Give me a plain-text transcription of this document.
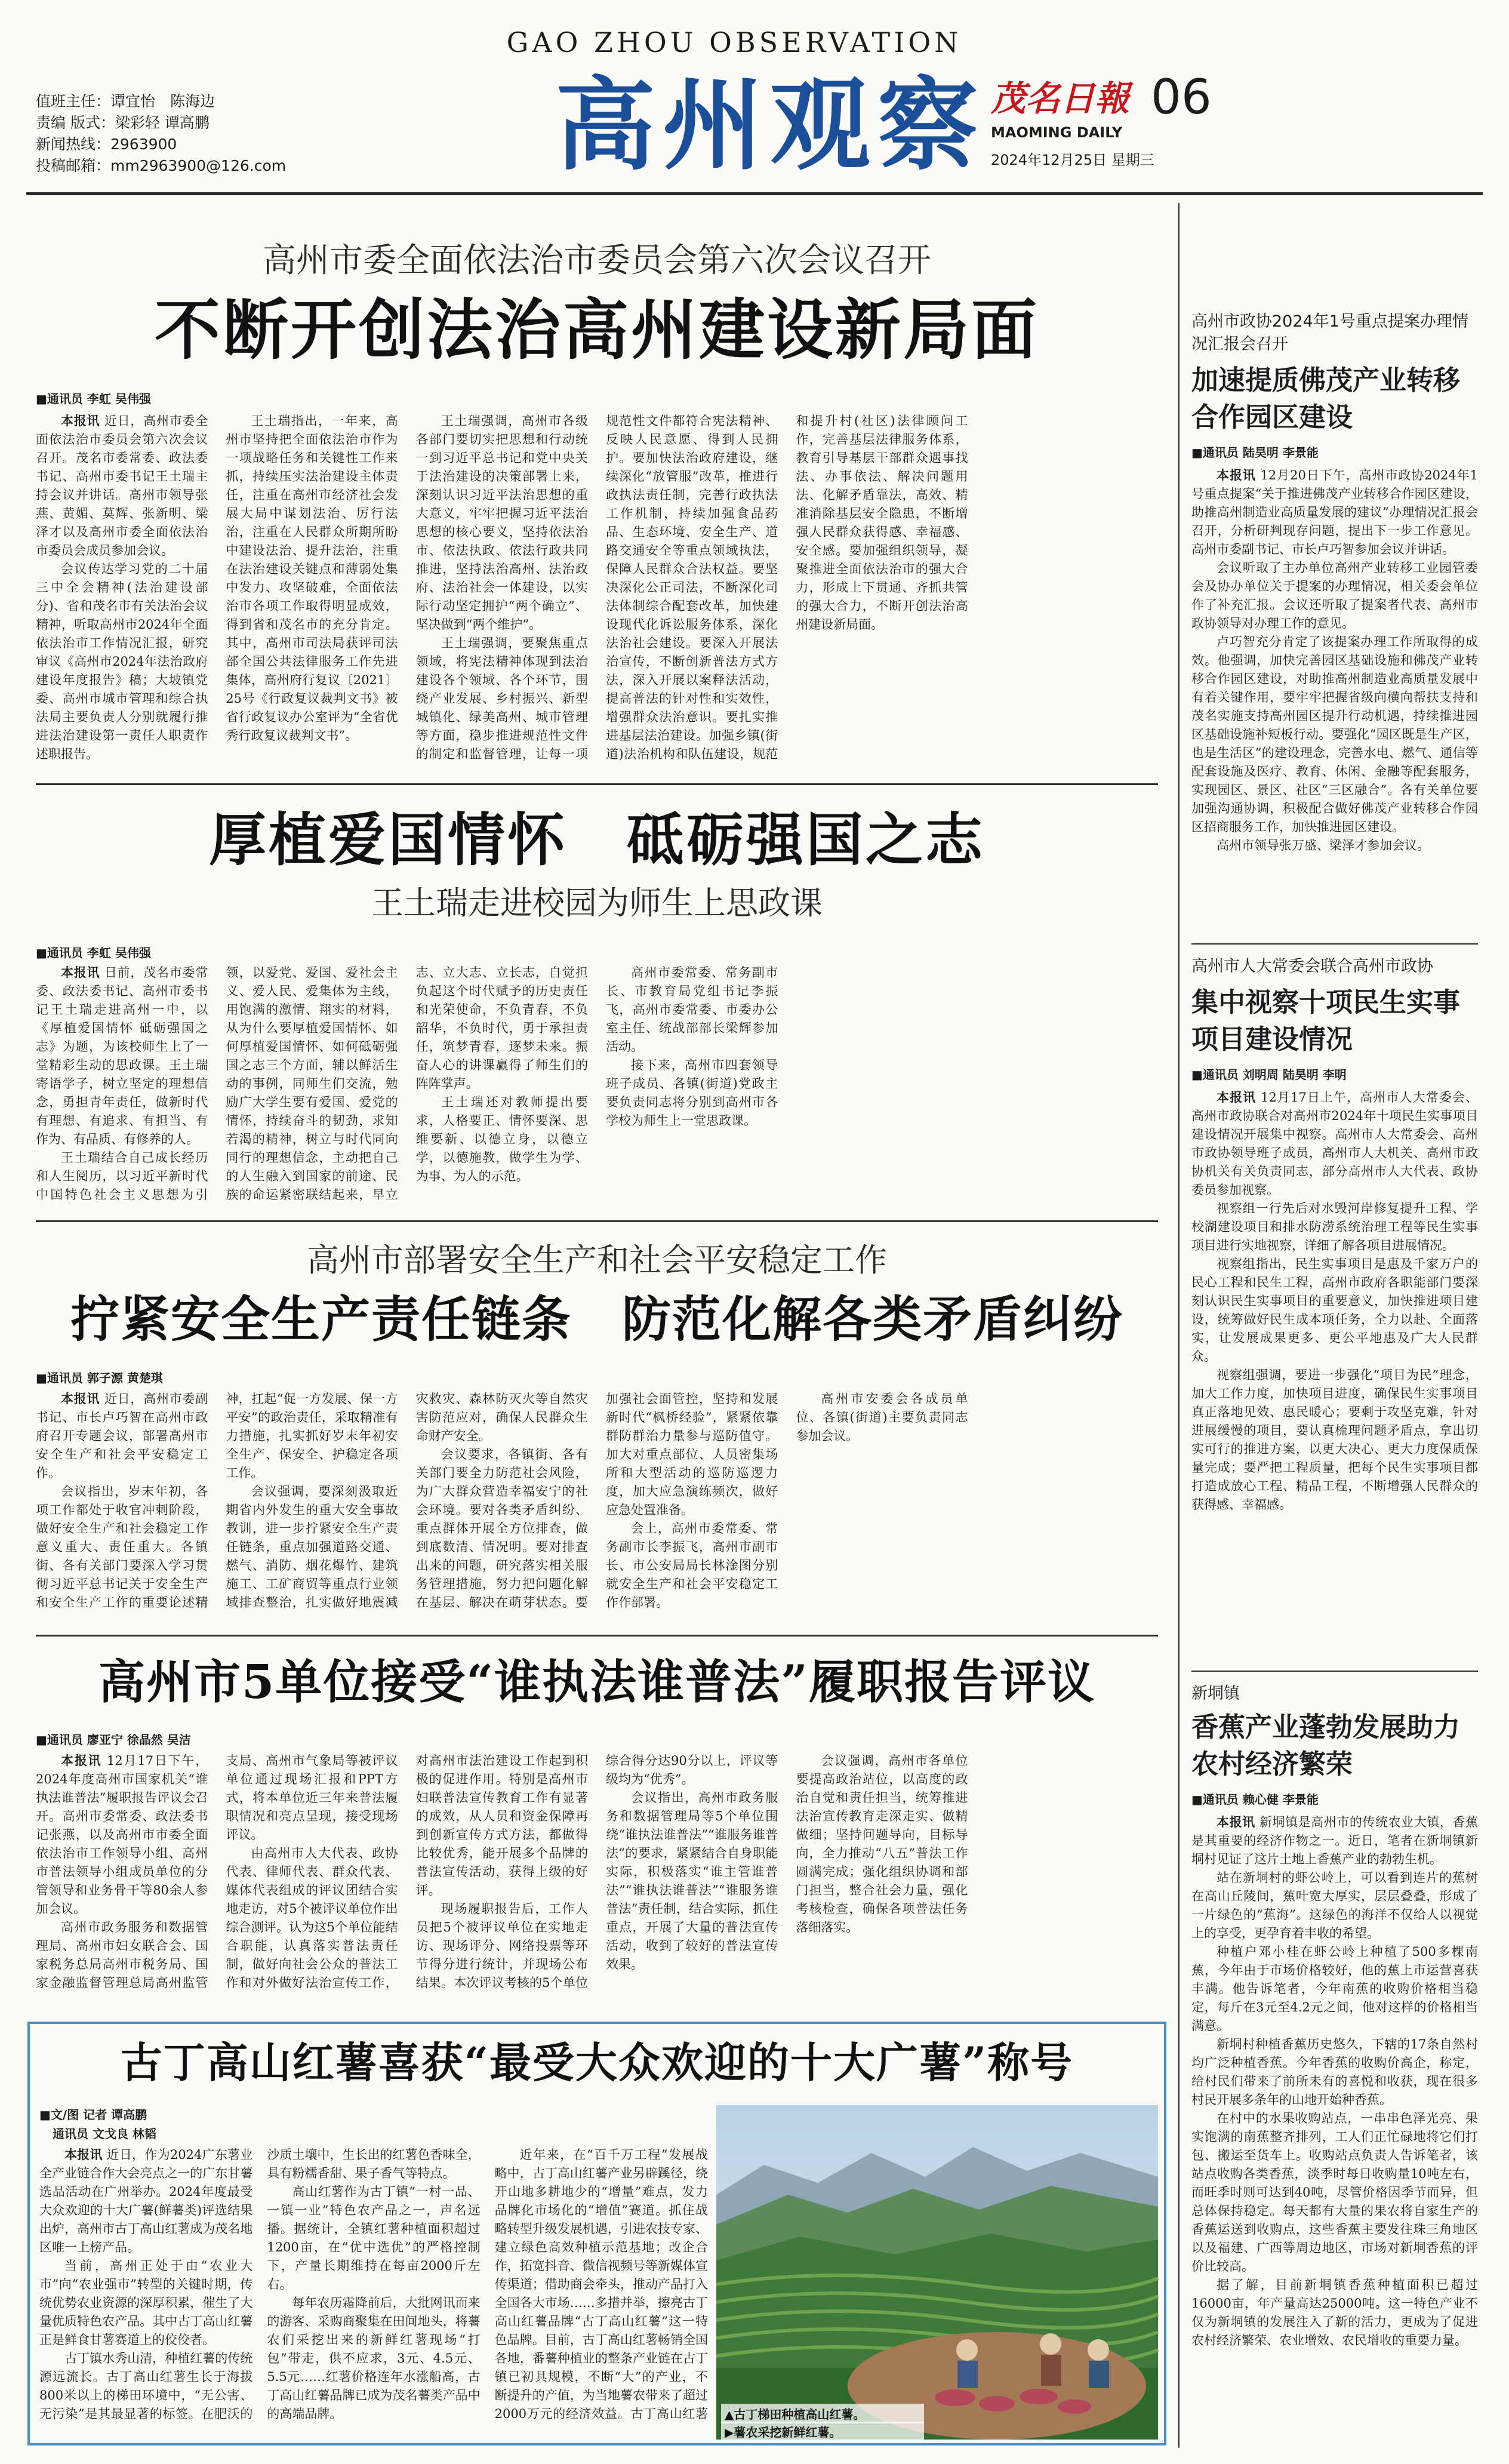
值班主任：谭宜怡　陈海边
责编 版式：梁彩轻 谭高鹏
新闻热线：2963900
投稿邮箱：mm2963900@126.com
GAO ZHOU OBSERVATION
高州观察 茂名日報 06
MAOMING DAILY
2024年12月25日 星期三
高州市委全面依法治市委员会第六次会议召开
不断开创法治高州建设新局面
■通讯员 李虹 吴伟强

本报讯 近日，高州市委全面依法治市委员会第六次会议召开。茂名市委常委、政法委书记、高州市委书记王土瑞主持会议并讲话。高州市领导张燕、黄媚、莫辉、张新明、梁泽才以及高州市委全面依法治市委员会成员参加会议。

会议传达学习党的二十届三中全会精神(法治建设部分)、省和茂名市有关法治会议精神，听取高州市2024年全面依法治市工作情况汇报，研究审议《高州市2024年法治政府建设年度报告》稿；大坡镇党委、高州市城市管理和综合执法局主要负责人分别就履行推进法治建设第一责任人职责作述职报告。

王土瑞指出，一年来，高州市坚持把全面依法治市作为一项战略任务和关键性工作来抓，持续压实法治建设主体责任，注重在高州市经济社会发展大局中谋划法治、厉行法治，注重在人民群众所期所盼中建设法治、提升法治，注重在法治建设关键点和薄弱处集中发力、攻坚破难，全面依法治市各项工作取得明显成效，得到省和茂名市的充分肯定。其中，高州市司法局获评司法部全国公共法律服务工作先进集体，高州府行复议〔2021〕25号《行政复议裁判文书》被省行政复议办公室评为“全省优秀行政复议裁判文书”。

王土瑞强调，高州市各级各部门要切实把思想和行动统一到习近平总书记和党中央关于法治建设的决策部署上来，深刻认识习近平法治思想的重大意义，牢牢把握习近平法治思想的核心要义，坚持依法治市、依法执政、依法行政共同推进，坚持法治高州、法治政府、法治社会一体建设，以实际行动坚定拥护“两个确立”、坚决做到“两个维护”。

王土瑞强调，要聚焦重点领域，将宪法精神体现到法治建设各个领域、各个环节，围绕产业发展、乡村振兴、新型城镇化、绿美高州、城市管理等方面，稳步推进规范性文件的制定和监督管理，让每一项规范性文件都符合宪法精神、反映人民意愿、得到人民拥护。要加快法治政府建设，继续深化“放管服”改革，推进行政执法责任制，完善行政执法工作机制，持续加强食品药品、生态环境、安全生产、道路交通安全等重点领域执法，保障人民群众合法权益。要坚决深化公正司法，不断深化司法体制综合配套改革，加快建设现代化诉讼服务体系，深化法治社会建设。要深入开展法治宣传，不断创新普法方式方法，深入开展以案释法活动，提高普法的针对性和实效性，增强群众法治意识。要扎实推进基层法治建设。加强乡镇(街道)法治机构和队伍建设，规范和提升村(社区)法律顾问工作，完善基层法律服务体系，教育引导基层干部群众遇事找法、办事依法、解决问题用法、化解矛盾靠法，高效、精准消除基层安全隐患，不断增强人民群众获得感、幸福感、安全感。要加强组织领导，凝聚推进全面依法治市的强大合力，形成上下贯通、齐抓共管的强大合力，不断开创法治高州建设新局面。

厚植爱国情怀　砥砺强国之志
王土瑞走进校园为师生上思政课
■通讯员 李虹 吴伟强

本报讯 日前，茂名市委常委、政法委书记、高州市委书记王土瑞走进高州一中，以《厚植爱国情怀 砥砺强国之志》为题，为该校师生上了一堂精彩生动的思政课。王土瑞寄语学子，树立坚定的理想信念，勇担青年责任，做新时代有理想、有追求、有担当、有作为、有品质、有修养的人。

王土瑞结合自己成长经历和人生阅历，以习近平新时代中国特色社会主义思想为引领，以爱党、爱国、爱社会主义、爱人民、爱集体为主线，用饱满的激情、翔实的材料，从为什么要厚植爱国情怀、如何厚植爱国情怀、如何砥砺强国之志三个方面，辅以鲜活生动的事例，同师生们交流，勉励广大学生要有爱国、爱党的情怀，持续奋斗的韧劲，求知若渴的精神，树立与时代同向同行的理想信念，主动把自己的人生融入到国家的前途、民族的命运紧密联结起来，早立志、立大志、立长志，自觉担负起这个时代赋予的历史责任和光荣使命，不负青春，不负韶华，不负时代，勇于承担责任，筑梦青春，逐梦未来。振奋人心的讲课赢得了师生们的阵阵掌声。

王土瑞还对教师提出要求，人格要正、情怀要深、思维要新、以德立身，以德立学，以德施教，做学生为学、为事、为人的示范。

高州市委常委、常务副市长、市教育局党组书记李振飞，高州市委常委、市委办公室主任、统战部部长梁辉参加活动。

接下来，高州市四套领导班子成员、各镇(街道)党政主要负责同志将分别到高州市各学校为师生上一堂思政课。

高州市部署安全生产和社会平安稳定工作
拧紧安全生产责任链条　防范化解各类矛盾纠纷
■通讯员 郭子源 黄楚琪

本报讯 近日，高州市委副书记、市长卢巧智在高州市政府召开专题会议，部署高州市安全生产和社会平安稳定工作。

会议指出，岁末年初，各项工作都处于收官冲刺阶段，做好安全生产和社会稳定工作意义重大、责任重大。各镇街、各有关部门要深入学习贯彻习近平总书记关于安全生产和安全生产工作的重要论述精神，扛起“促一方发展、保一方平安”的政治责任，采取精准有力措施，扎实抓好岁末年初安全生产、保安全、护稳定各项工作。

会议强调，要深刻汲取近期省内外发生的重大安全事故教训，进一步拧紧安全生产责任链条，重点加强道路交通、燃气、消防、烟花爆竹、建筑施工、工矿商贸等重点行业领域排查整治，扎实做好地震减灾救灾、森林防灭火等自然灾害防范应对，确保人民群众生命财产安全。

会议要求，各镇街、各有关部门要全力防范社会风险，为广大群众营造幸福安宁的社会环境。要对各类矛盾纠纷、重点群体开展全方位排查，做到底数清、情况明。要对排查出来的问题，研究落实相关服务管理措施，努力把问题化解在基层、解决在萌芽状态。要加强社会面管控，坚持和发展新时代“枫桥经验”，紧紧依靠群防群治力量参与巡防值守。加大对重点部位、人员密集场所和大型活动的巡防巡逻力度，加大应急演练频次，做好应急处置准备。

会上，高州市委常委、常务副市长李振飞，高州市副市长、市公安局局长林淦图分别就安全生产和社会平安稳定工作作部署。

高州市安委会各成员单位、各镇(街道)主要负责同志参加会议。

高州市5单位接受“谁执法谁普法”履职报告评议
■通讯员 廖亚宁 徐晶然 吴洁

本报讯 12月17日下午，2024年度高州市国家机关“谁执法谁普法”履职报告评议会召开。高州市委常委、政法委书记张燕，以及高州市市委全面依法治市工作领导小组、高州市普法领导小组成员单位的分管领导和业务骨干等80余人参加会议。

高州市政务服务和数据管理局、高州市妇女联合会、国家税务总局高州市税务局、国家金融监督管理总局高州监管支局、高州市气象局等被评议单位通过现场汇报和PPT方式，将本单位近三年来普法履职情况和亮点呈现，接受现场评议。

由高州市人大代表、政协代表、律师代表、群众代表、媒体代表组成的评议团结合实地走访，对5个被评议单位作出综合测评。认为这5个单位能结合职能，认真落实普法责任制，做好向社会公众的普法工作和对外做好法治宣传工作，对高州市法治建设工作起到积极的促进作用。特别是高州市妇联普法宣传教育工作有显著的成效，从人员和资金保障再到创新宣传方式方法，都做得比较优秀，能开展多个品牌的普法宣传活动，获得上级的好评。

现场履职报告后，工作人员把5个被评议单位在实地走访、现场评分、网络投票等环节得分进行统计，并现场公布结果。本次评议考核的5个单位综合得分达90分以上，评议等级均为“优秀”。

会议指出，高州市政务服务和数据管理局等5个单位围绕“谁执法谁普法”“谁服务谁普法”的要求，紧紧结合自身职能实际，积极落实“谁主管谁普法”“谁执法谁普法”“谁服务谁普法”责任制，结合实际，抓住重点，开展了大量的普法宣传活动，收到了较好的普法宣传效果。

会议强调，高州市各单位要提高政治站位，以高度的政治自觉和责任担当，统筹推进法治宣传教育走深走实、做精做细；坚持问题导向，目标导向，全力推动“八五”普法工作圆满完成；强化组织协调和部门担当，整合社会力量，强化考核检查，确保各项普法任务落细落实。

古丁高山红薯喜获“最受大众欢迎的十大广薯”称号
■文/图 记者 谭高鹏
通讯员 文戈良 林韬

本报讯 近日，作为2024广东薯业全产业链合作大会亮点之一的广东甘薯选品活动在广州举办。2024年度最受大众欢迎的十大广薯(鲜薯类)评选结果出炉，高州市古丁高山红薯成为茂名地区唯一上榜产品。

当前，高州正处于由“农业大市”向“农业强市”转型的关键时期，传统优势农业资源的深厚积累，催生了大量优质特色农产品。其中古丁高山红薯正是鲜食甘薯赛道上的佼佼者。

古丁镇水秀山清，种植红薯的传统源远流长。古丁高山红薯生长于海拔800米以上的梯田环境中，“无公害、无污染”是其最显著的标签。在肥沃的沙质土壤中，生长出的红薯色香味全，具有粉糯香甜、果子香气等特点。

高山红薯作为古丁镇“一村一品、一镇一业”特色农产品之一，声名远播。据统计，全镇红薯种植面积超过1200亩，在“优中选优”的严格控制下，产量长期维持在每亩2000斤左右。

每年农历霜降前后，大批网讯而来的游客、采购商聚集在田间地头，将薯农们采挖出来的新鲜红薯现场“打包”带走，供不应求，3元、4.5元、5.5元……红薯价格连年水涨船高，古丁高山红薯品牌已成为茂名薯类产品中的高端品牌。

近年来，在“百千万工程”发展战略中，古丁高山红薯产业另辟蹊径，绕开山地多耕地少的“增量”难点，发力品牌化市场化的“增值”赛道。抓住战略转型升级发展机遇，引进农技专家、建立绿色高效种植示范基地；改企合作，拓宽抖音、微信视频号等新媒体宣传渠道；借助商会牵头，推动产品打入全国各大市场……多措并举，擦亮古丁高山红薯品牌“古丁高山红薯”这一特色品牌。目前，古丁高山红薯畅销全国各地，番薯种植业的整条产业链在古丁镇已初具规模，不断“大”的产业，不断提升的产值，为当地薯农带来了超过2000万元的经济效益。古丁高山红薯	▲古丁梯田种植高山红薯。
▶薯农采挖新鲜红薯。
高州市政协2024年1号重点提案办理情况汇报会召开
加速提质佛茂产业转移合作园区建设
■通讯员 陆昊明 李景能

本报讯 12月20日下午，高州市政协2024年1号重点提案“关于推进佛茂产业转移合作园区建设，助推高州制造业高质量发展的建议”办理情况汇报会召开，分析研判现存问题，提出下一步工作意见。高州市委副书记、市长卢巧智参加会议并讲话。

会议听取了主办单位高州产业转移工业园管委会及协办单位关于提案的办理情况，相关委会单位作了补充汇报。会议还听取了提案者代表、高州市政协领导对办理工作的意见。

卢巧智充分肯定了该提案办理工作所取得的成效。他强调，加快完善园区基础设施和佛茂产业转移合作园区建设，对助推高州制造业高质量发展中有着关键作用，要牢牢把握省级向横向帮扶支持和茂名实施支持高州园区提升行动机遇，持续推进园区基础设施补短板行动。要强化“园区既是生产区，也是生活区”的建设理念，完善水电、燃气、通信等配套设施及医疗、教育、休闲、金融等配套服务，实现园区、景区、社区“三区融合”。各有关单位要加强沟通协调，积极配合做好佛茂产业转移合作园区招商服务工作，加快推进园区建设。

高州市领导张万盛、梁泽才参加会议。

高州市人大常委会联合高州市政协
集中视察十项民生实事项目建设情况
■通讯员 刘明周 陆昊明 李明

本报讯 12月17日上午，高州市人大常委会、高州市政协联合对高州市2024年十项民生实事项目建设情况开展集中视察。高州市人大常委会、高州市政协领导班子成员，高州市人大机关、高州市政协机关有关负责同志，部分高州市人大代表、政协委员参加视察。

视察组一行先后对水毁河岸修复提升工程、学校湖建设项目和排水防涝系统治理工程等民生实事项目进行实地视察，详细了解各项目进展情况。

视察组指出，民生实事项目是惠及千家万户的民心工程和民生工程，高州市政府各职能部门要深刻认识民生实事项目的重要意义，加快推进项目建设，统筹做好民生成本项任务，全力以赴、全面落实，让发展成果更多、更公平地惠及广大人民群众。

视察组强调，要进一步强化“项目为民”理念，加大工作力度，加快项目进度，确保民生实事项目真正落地见效、惠民暖心；要剩于攻坚克难，针对进展缓慢的项目，要认真梳理问题矛盾点，拿出切实可行的推进方案，以更大决心、更大力度保质保量完成；要严把工程质量，把每个民生实事项目都打造成放心工程、精品工程，不断增强人民群众的获得感、幸福感。

新垌镇
香蕉产业蓬勃发展助力农村经济繁荣
■通讯员 赖心健 李景能

本报讯 新垌镇是高州市的传统农业大镇，香蕉是其重要的经济作物之一。近日，笔者在新垌镇新垌村见证了这片土地上香蕉产业的勃勃生机。

站在新垌村的虾公岭上，可以看到连片的蕉树在高山丘陵间，蕉叶宽大厚实，层层叠叠，形成了一片绿色的“蕉海”。这绿色的海洋不仅给人以视觉上的享受，更孕育着丰收的希望。

种植户邓小桂在虾公岭上种植了500多棵南蕉，今年由于市场价格较好，他的蕉上市运营喜获丰满。他告诉笔者，今年南蕉的收购价格相当稳定，每斤在3元至4.2元之间，他对这样的价格相当满意。

新垌村种植香蕉历史悠久，下辖的17条自然村均广泛种植香蕉。今年香蕉的收购价高企，称定，给村民们带来了前所未有的喜悦和收获，现在很多村民开展多条年的山地开始种香蕉。

在村中的水果收购站点，一串串色泽光亮、果实饱满的南蕉整齐排列，工人们正忙碌地将它们打包、搬运至货车上。收购站点负责人告诉笔者，该站点收购各类香蕉，淡季时每日收购量10吨左右，而旺季时则可达到40吨，尽管价格因季节而异，但总体保持稳定。每天都有大量的果农将自家生产的香蕉运送到收购点，这些香蕉主要发往珠三角地区以及福建、广西等周边地区，市场对新垌香蕉的评价比较高。

据了解，目前新垌镇香蕉种植面积已超过16000亩，年产量高达25000吨。这一特色产业不仅为新垌镇的发展注入了新的活力，更成为了促进农村经济繁荣、农业增效、农民增收的重要力量。
